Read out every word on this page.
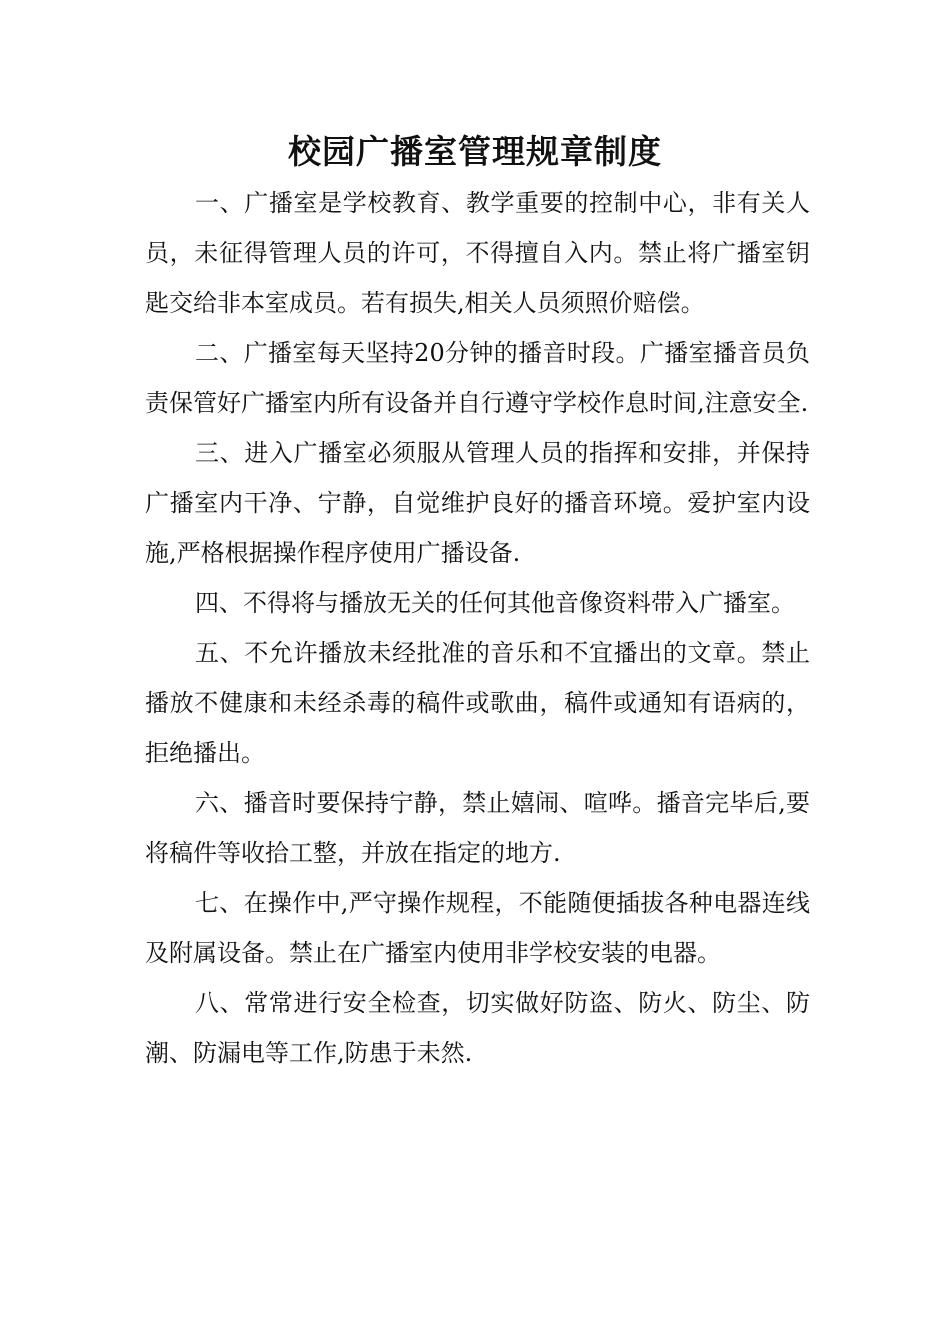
校园广播室管理规章制度

一、广播室是学校教育、教学重要的控制中心，非有关人员，未征得管理人员的许可，不得擅自入内。禁止将广播室钥匙交给非本室成员。若有损失,相关人员须照价赔偿。

二、广播室每天坚持20分钟的播音时段。广播室播音员负责保管好广播室内所有设备并自行遵守学校作息时间,注意安全.

三、进入广播室必须服从管理人员的指挥和安排，并保持广播室内干净、宁静，自觉维护良好的播音环境。爱护室内设施,严格根据操作程序使用广播设备.

四、不得将与播放无关的任何其他音像资料带入广播室。

五、不允许播放未经批准的音乐和不宜播出的文章。禁止播放不健康和未经杀毒的稿件或歌曲，稿件或通知有语病的，拒绝播出。

六、播音时要保持宁静，禁止嬉闹、喧哗。播音完毕后,要将稿件等收拾工整，并放在指定的地方.

七、在操作中,严守操作规程，不能随便插拔各种电器连线及附属设备。禁止在广播室内使用非学校安装的电器。

八、常常进行安全检查，切实做好防盗、防火、防尘、防潮、防漏电等工作,防患于未然.
